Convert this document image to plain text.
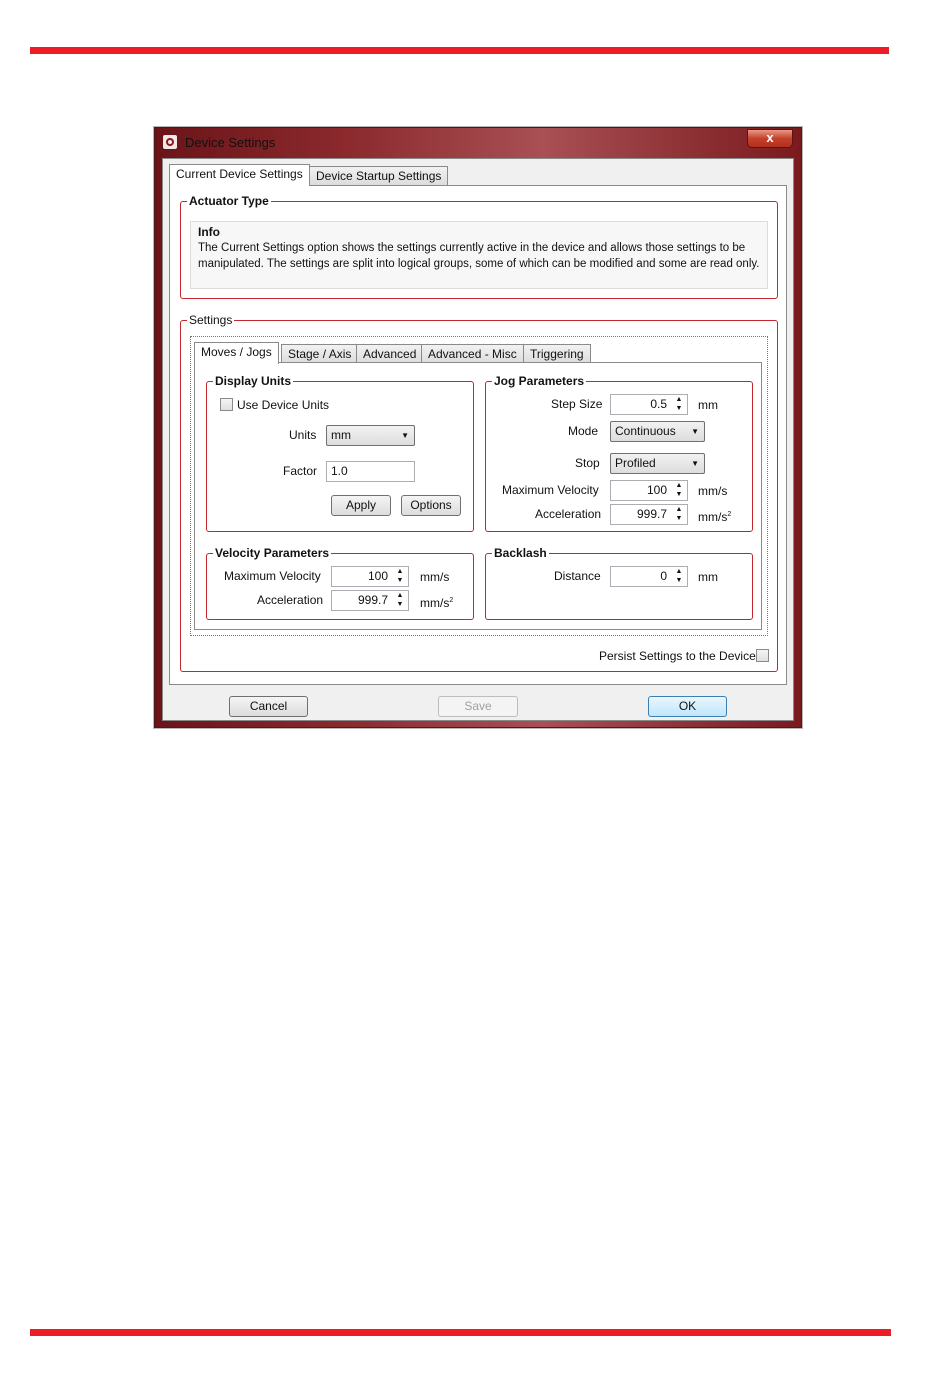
Device Settings	x
Current Device Settings	Device Startup Settings
Actuator Type
Info
The Current Settings option shows the settings currently active in the device and allows those settings to be manipulated. The settings are split into logical groups, some of which can be modified and some are read only.
Settings
Moves / Jogs	Stage / Axis Advanced Advanced - Misc	Triggering
Display Units
Use Device Units
Units	mm	▼
Factor	1.0
Apply	Options
Jog Parameters
Step Size	0.5 ▲
▼ mm
Mode	Continuous ▼
Stop	Profiled	▼
Maximum Velocity	100 ▲
▼ mm/s
Acceleration	999.7 ▲
▼ $mm/s^2$
Velocity Parameters
Maximum Velocity	100 ▲
▼ mm/s
Acceleration	999.7 ▲
▼ $mm/s^2$
Backlash
Distance	0 ▲
▼ mm
Persist Settings to the Device
Cancel	Save	OK
